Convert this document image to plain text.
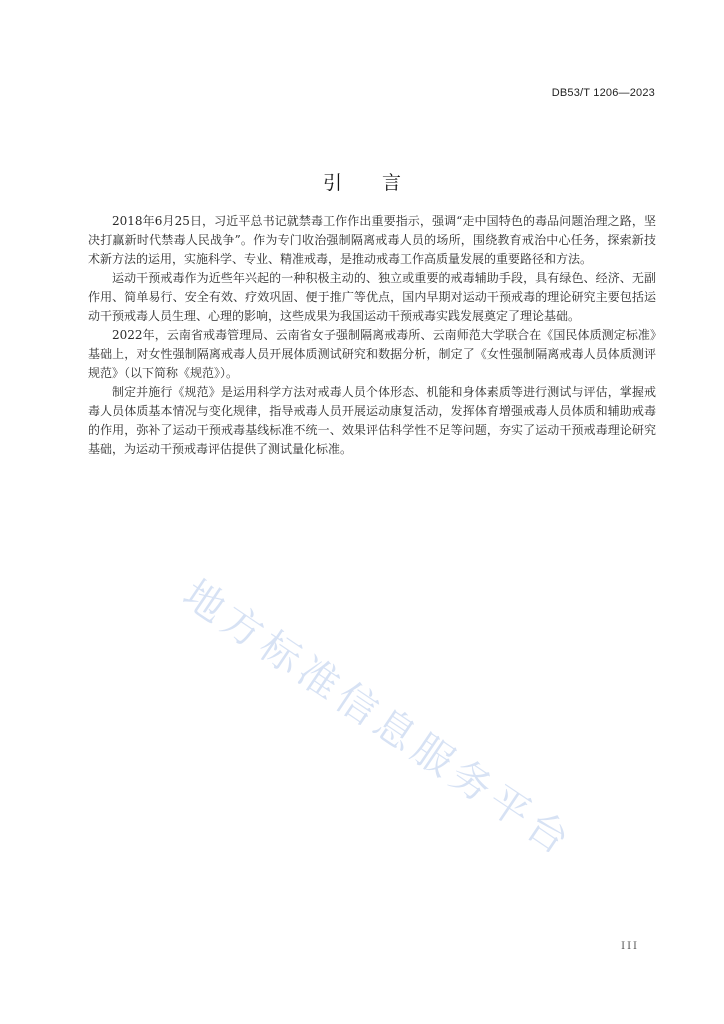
DB53/T 1206—2023
引言

2018年6月25日，习近平总书记就禁毒工作作出重要指示，强调“走中国特色的毒品问题治理之路，坚决打赢新时代禁毒人民战争”。作为专门收治强制隔离戒毒人员的场所，围绕教育戒治中心任务，探索新技术新方法的运用，实施科学、专业、精准戒毒，是推动戒毒工作高质量发展的重要路径和方法。

运动干预戒毒作为近些年兴起的一种积极主动的、独立或重要的戒毒辅助手段，具有绿色、经济、无副作用、简单易行、安全有效、疗效巩固、便于推广等优点，国内早期对运动干预戒毒的理论研究主要包括运动干预戒毒人员生理、心理的影响，这些成果为我国运动干预戒毒实践发展奠定了理论基础。

2022年，云南省戒毒管理局、云南省女子强制隔离戒毒所、云南师范大学联合在《国民体质测定标准》基础上，对女性强制隔离戒毒人员开展体质测试研究和数据分析，制定了《女性强制隔离戒毒人员体质测评规范》（以下简称《规范》）。

制定并施行《规范》是运用科学方法对戒毒人员个体形态、机能和身体素质等进行测试与评估，掌握戒毒人员体质基本情况与变化规律，指导戒毒人员开展运动康复活动，发挥体育增强戒毒人员体质和辅助戒毒的作用，弥补了运动干预戒毒基线标准不统一、效果评估科学性不足等问题，夯实了运动干预戒毒理论研究基础，为运动干预戒毒评估提供了测试量化标准。

地方标准信息服务平台
III
